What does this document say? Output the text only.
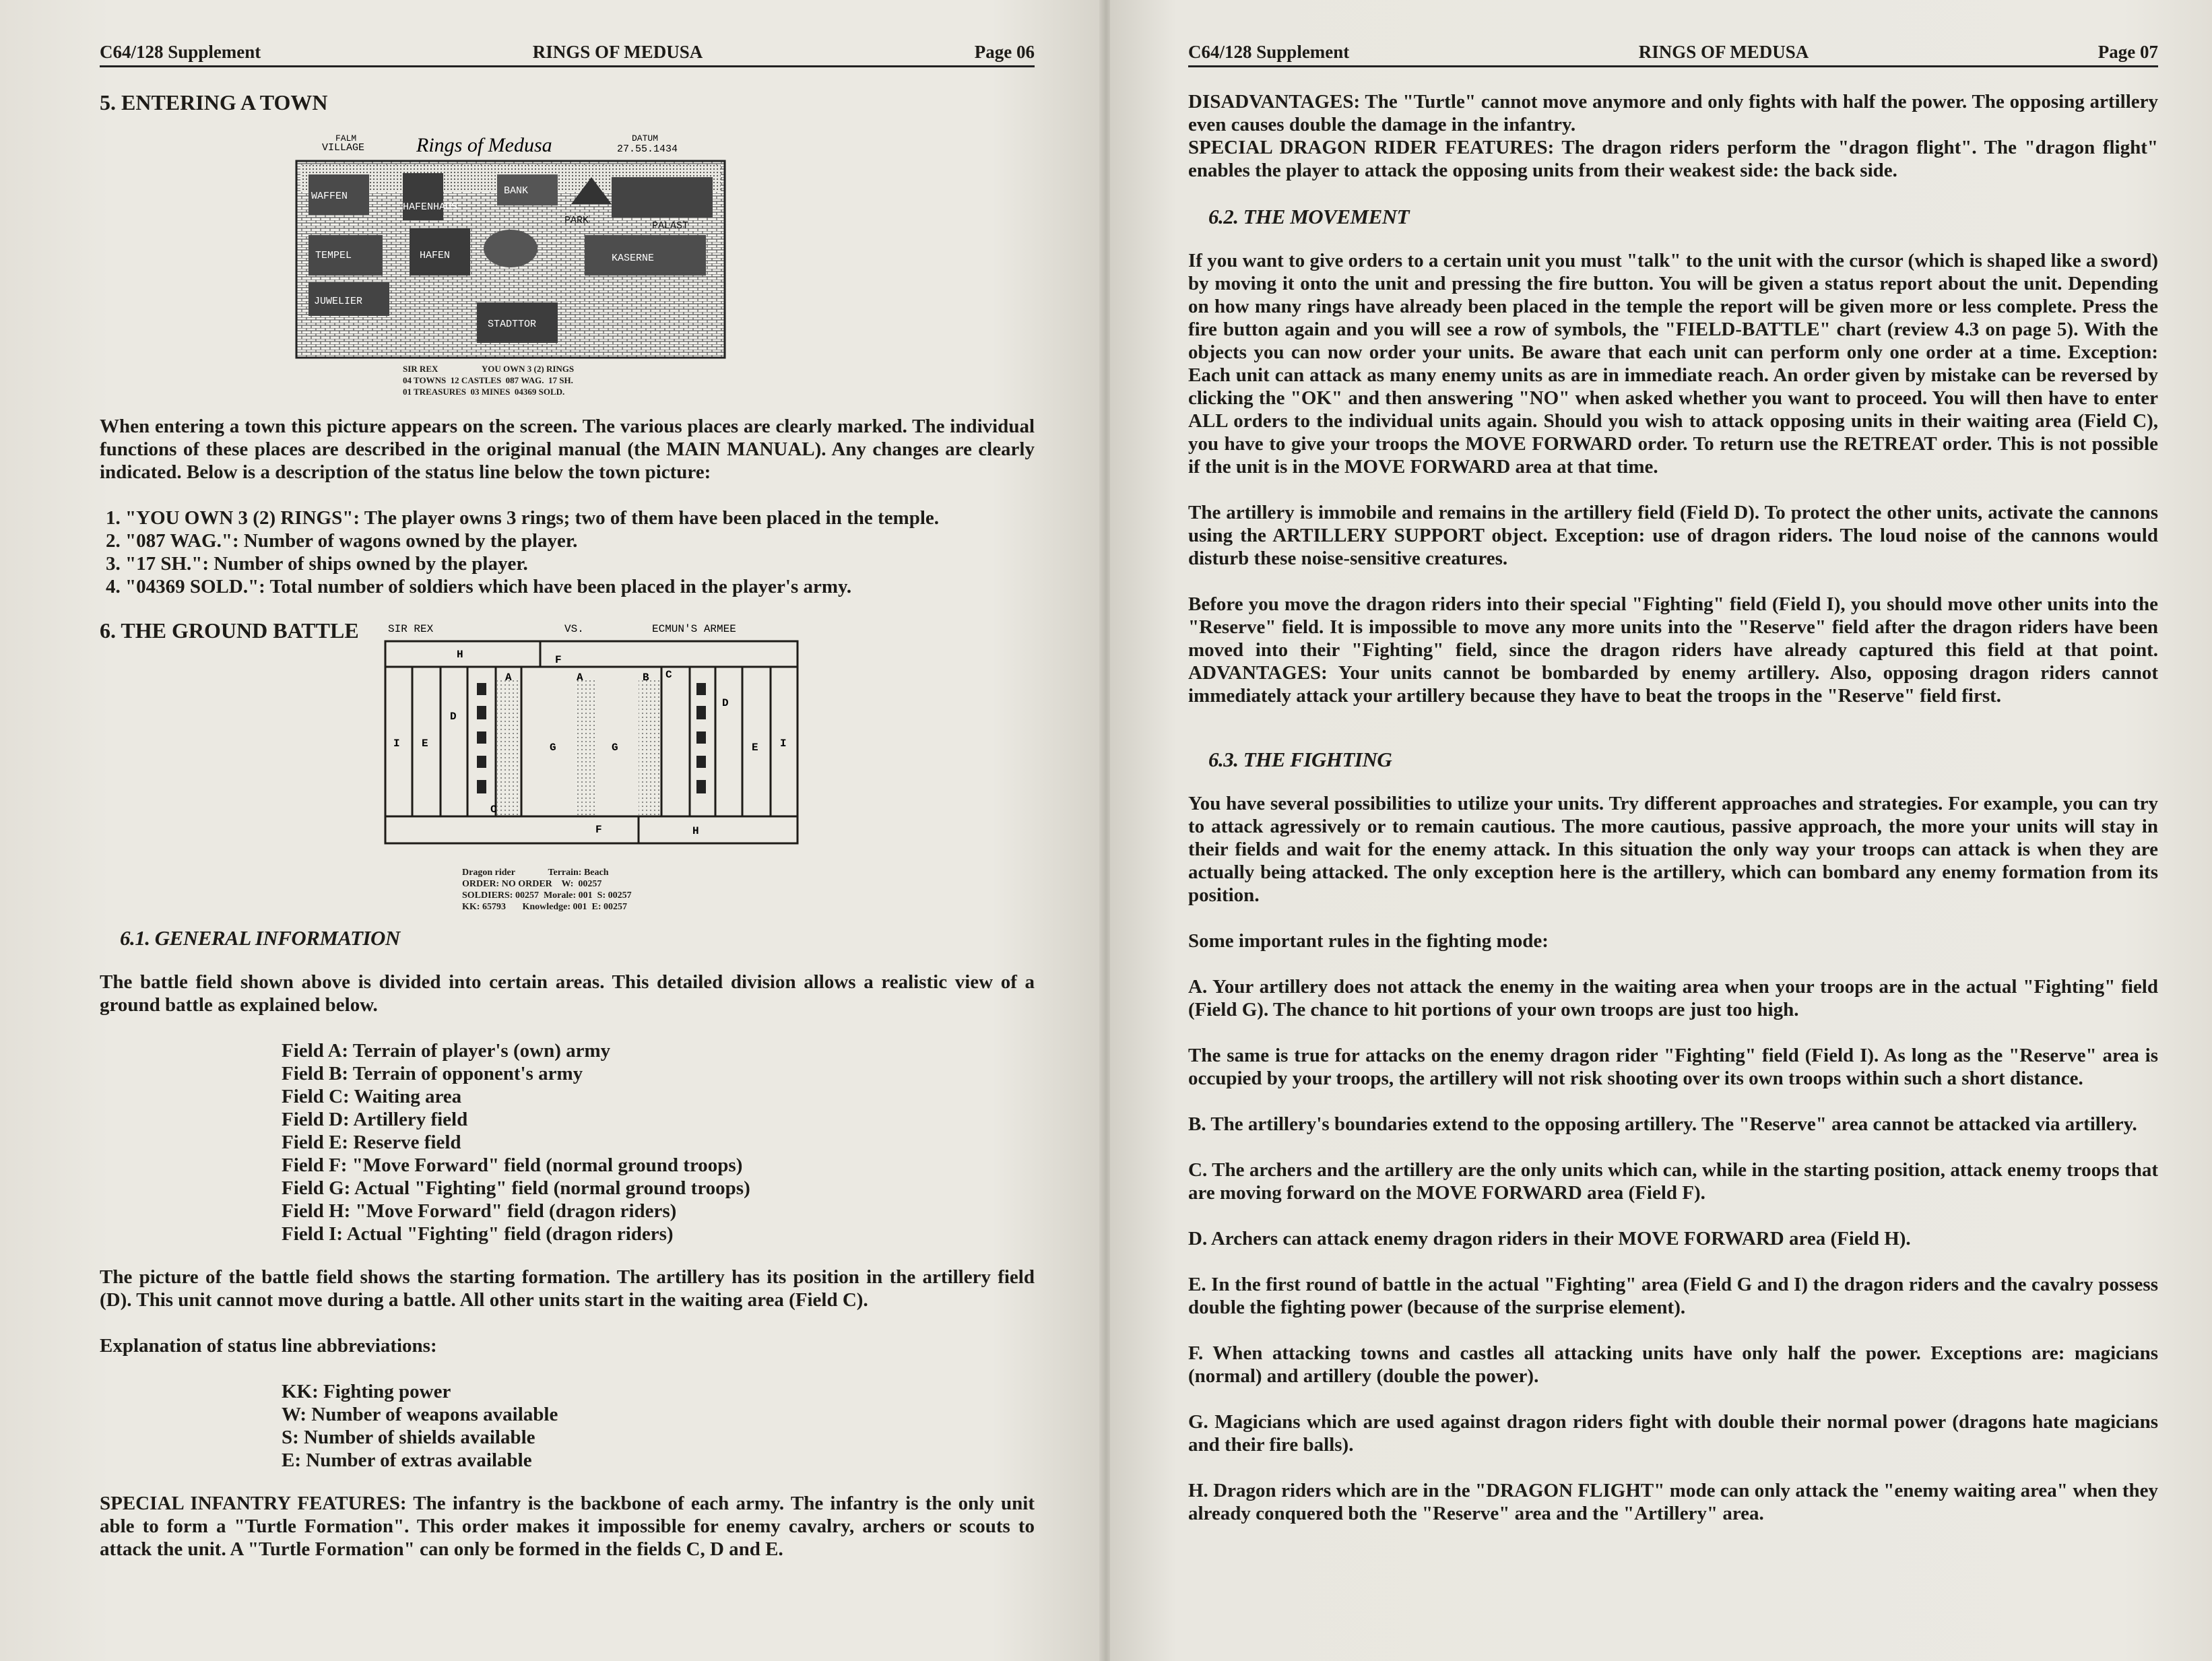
C64/128 Supplement	RINGS OF MEDUSA	Page 06
5. ENTERING A TOWN
FALM
VILLAGE	Rings of Medusa	DATUM
27.55.1434
WAFFEN	BANK
HAFENHAUS
PARK	PALAST
TEMPEL	HAFEN	KASERNE
JUWELIER
STADTTOR
SIR REX	YOU OWN 3 (2) RINGS
04 TOWNS  12 CASTLES  087 WAG.  17 SH.
01 TREASURES  03 MINES  04369 SOLD.

When entering a town this picture appears on the screen. The various places are clearly marked. The individual functions of these places are described in the original manual (the MAIN MANUAL). Any changes are clearly indicated. Below is a description of the status line below the town picture:

1. "YOU OWN 3 (2) RINGS": The player owns 3 rings; two of them have been placed in the temple.
2. "087 WAG.": Number of wagons owned by the player.
3. "17 SH.": Number of ships owned by the player.
4. "04369 SOLD.": Total number of soldiers which have been placed in the player's army.
6. THE GROUND BATTLE	SIR REX	VS.	ECMUN'S ARMEE
H	F
C
D
A	A	B
D
I E	G	G	E I
C
F	H
Dragon rider	Terrain: Beach
ORDER: NO ORDER    W:  00257
SOLDIERS: 00257  Morale: 001  S: 00257
KK: 65793       Knowledge: 001  E: 00257
6.1. GENERAL INFORMATION

The battle field shown above is divided into certain areas. This detailed division allows a realistic view of a ground battle as explained below.

Field A: Terrain of player's (own) army
Field B: Terrain of opponent's army
Field C: Waiting area
Field D: Artillery field
Field E: Reserve field
Field F: "Move Forward" field (normal ground troops)
Field G: Actual "Fighting" field (normal ground troops)
Field H: "Move Forward" field (dragon riders)
Field I: Actual "Fighting" field (dragon riders)

The picture of the battle field shows the starting formation. The artillery has its position in the artillery field (D). This unit cannot move during a battle. All other units start in the waiting area (Field C).

Explanation of status line abbreviations:

KK: Fighting power
W: Number of weapons available
S: Number of shields available
E: Number of extras available

SPECIAL INFANTRY FEATURES: The infantry is the backbone of each army. The infantry is the only unit able to form a "Turtle Formation". This order makes it impossible for enemy cavalry, archers or scouts to attack the unit. A "Turtle Formation" can only be formed in the fields C, D and E.

C64/128 Supplement	RINGS OF MEDUSA	Page 07

DISADVANTAGES: The "Turtle" cannot move anymore and only fights with half the power. The opposing artillery even causes double the damage in the infantry.

SPECIAL DRAGON RIDER FEATURES: The dragon riders perform the "dragon flight". The "dragon flight" enables the player to attack the opposing units from their weakest side: the back side.

6.2. THE MOVEMENT

If you want to give orders to a certain unit you must "talk" to the unit with the cursor (which is shaped like a sword) by moving it onto the unit and pressing the fire button. You will be given a status report about the unit. Depending on how many rings have already been placed in the temple the report will be given more or less complete. Press the fire button again and you will see a row of symbols, the "FIELD-BATTLE" chart (review 4.3 on page 5). With the objects you can now order your units. Be aware that each unit can perform only one order at a time. Exception: Each unit can attack as many enemy units as are in immediate reach. An order given by mistake can be reversed by clicking the "OK" and then answering "NO" when asked whether you want to proceed. You will then have to enter ALL orders to the individual units again. Should you wish to attack opposing units in their waiting area (Field C), you have to give your troops the MOVE FORWARD order. To return use the RETREAT order. This is not possible if the unit is in the MOVE FORWARD area at that time.

The artillery is immobile and remains in the artillery field (Field D). To protect the other units, activate the cannons using the ARTILLERY SUPPORT object. Exception: use of dragon riders. The loud noise of the cannons would disturb these noise-sensitive creatures.

Before you move the dragon riders into their special "Fighting" field (Field I), you should move other units into the "Reserve" field. It is impossible to move any more units into the "Reserve" field after the dragon riders have been moved into their "Fighting" field, since the dragon riders have already captured this field at that point. ADVANTAGES: Your units cannot be bombarded by enemy artillery. Also, opposing dragon riders cannot immediately attack your artillery because they have to beat the troops in the "Reserve" field first.

6.3. THE FIGHTING

You have several possibilities to utilize your units. Try different approaches and strategies. For example, you can try to attack agressively or to remain cautious. The more cautious, passive approach, the more your units will stay in their fields and wait for the enemy attack. In this situation the only way your troops can attack is when they are actually being attacked. The only exception here is the artillery, which can bombard any enemy formation from its position.

Some important rules in the fighting mode:

A. Your artillery does not attack the enemy in the waiting area when your troops are in the actual "Fighting" field (Field G). The chance to hit portions of your own troops are just too high.

The same is true for attacks on the enemy dragon rider "Fighting" field (Field I). As long as the "Reserve" area is occupied by your troops, the artillery will not risk shooting over its own troops within such a short distance.

B. The artillery's boundaries extend to the opposing artillery. The "Reserve" area cannot be attacked via artillery.

C. The archers and the artillery are the only units which can, while in the starting position, attack enemy troops that are moving forward on the MOVE FORWARD area (Field F).

D. Archers can attack enemy dragon riders in their MOVE FORWARD area (Field H).

E. In the first round of battle in the actual "Fighting" area (Field G and I) the dragon riders and the cavalry possess double the fighting power (because of the surprise element).

F. When attacking towns and castles all attacking units have only half the power. Exceptions are: magicians (normal) and artillery (double the power).

G. Magicians which are used against dragon riders fight with double their normal power (dragons hate magicians and their fire balls).

H. Dragon riders which are in the "DRAGON FLIGHT" mode can only attack the "enemy waiting area" when they already conquered both the "Reserve" area and the "Artillery" area.
